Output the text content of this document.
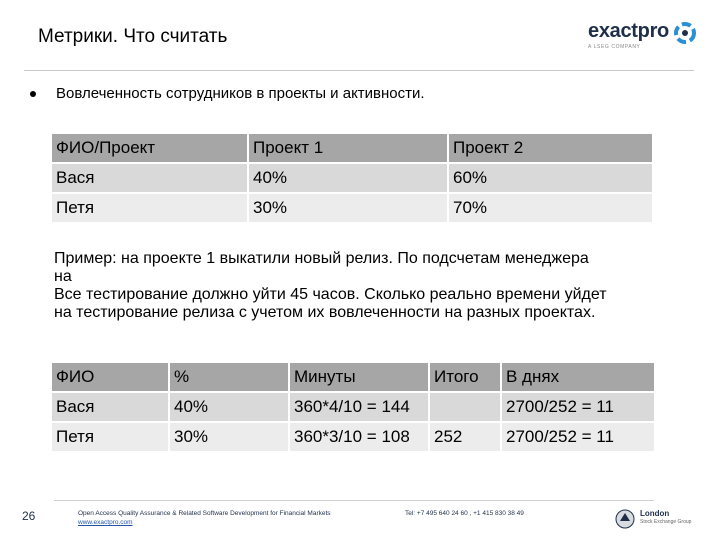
Метрики. Что считать	exactpro
A LSEG COMPANY
Вовлеченность сотрудников в проекты и активности.
ФИО/Проект	Проект 1	Проект 2
Вася	40%	60%
Петя	30%	70%
Пример: на проекте 1 выкатили новый релиз. По подсчетам менеджера
на
Все тестирование должно уйти 45 часов. Сколько реально времени уйдет
на тестирование релиза с учетом их вовлеченности на разных проектах.
ФИО	%	Минуты	Итого	В днях
Вася	40%	360*4/10 = 144		2700/252 = 11
Петя	30%	360*3/10 = 108	252	2700/252 = 11
26	Open Access Quality Assurance & Related Software Development for Financial Markets
www.exactpro.com
Tel: +7 495 640 24 60 , +1 415 830 38 49	London
Stock Exchange Group
